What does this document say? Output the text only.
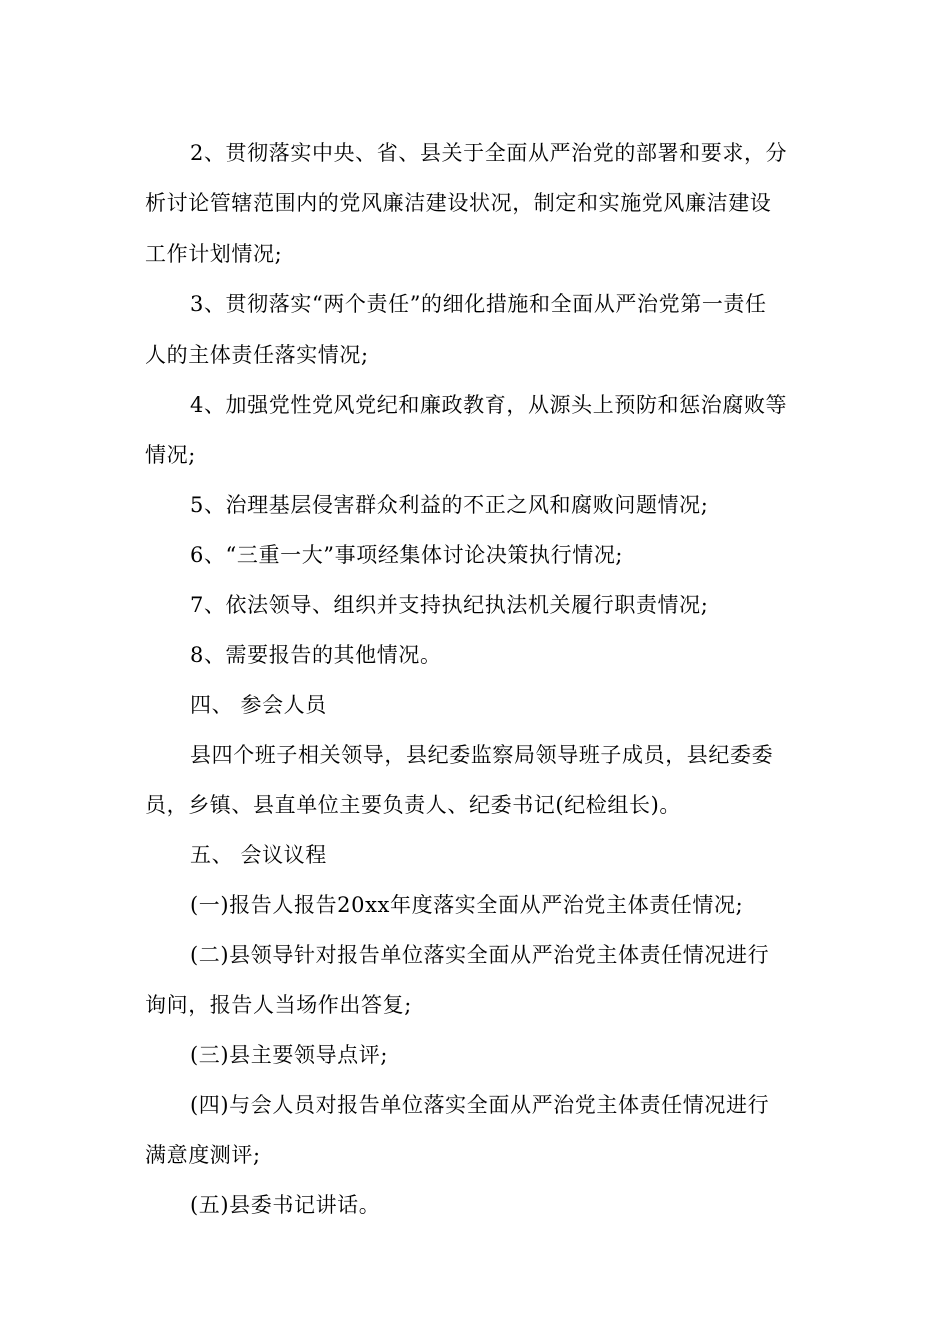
2、贯彻落实中央、省、县关于全面从严治党的部署和要求，分
析讨论管辖范围内的党风廉洁建设状况，制定和实施党风廉洁建设
工作计划情况;
3、贯彻落实“两个责任”的细化措施和全面从严治党第一责任
人的主体责任落实情况;
4、加强党性党风党纪和廉政教育，从源头上预防和惩治腐败等
情况;
5、治理基层侵害群众利益的不正之风和腐败问题情况;
6、“三重一大”事项经集体讨论决策执行情况;
7、依法领导、组织并支持执纪执法机关履行职责情况;
8、需要报告的其他情况。
四、 参会人员
县四个班子相关领导，县纪委监察局领导班子成员，县纪委委
员，乡镇、县直单位主要负责人、纪委书记(纪检组长)。
五、 会议议程
(一)报告人报告20xx年度落实全面从严治党主体责任情况;
(二)县领导针对报告单位落实全面从严治党主体责任情况进行
询问，报告人当场作出答复;
(三)县主要领导点评;
(四)与会人员对报告单位落实全面从严治党主体责任情况进行
满意度测评;
(五)县委书记讲话。
